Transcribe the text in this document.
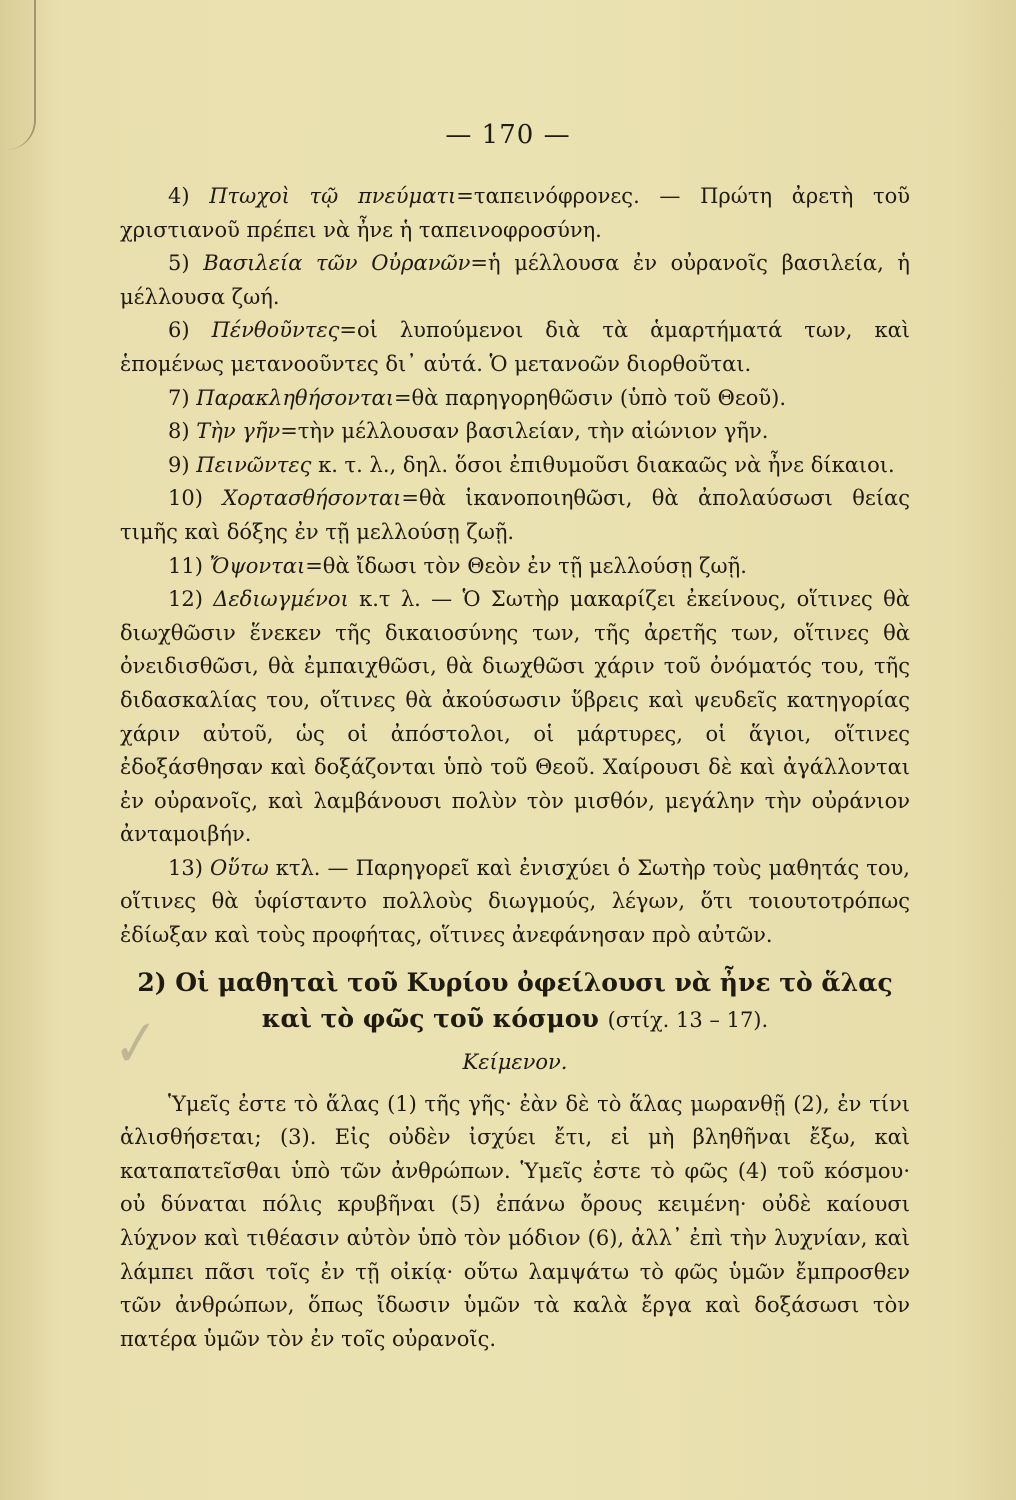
— 170 —

4) Πτωχοὶ τῷ πνεύματι=ταπεινόφρονες. — Πρώτη ἀρετὴ τοῦ χριστιανοῦ πρέπει νὰ ἦνε ἡ ταπεινοφροσύνη.

5) Βασιλεία τῶν Οὐρανῶν=ἡ μέλλουσα ἐν οὐρανοῖς βασιλεία, ἡ μέλλουσα ζωή.

6) Πένθοῦντες=οἱ λυπούμενοι διὰ τὰ ἁμαρτήματά των, καὶ ἑπομένως μετανοοῦντες δι᾽ αὐτά. Ὁ μετανοῶν διορθοῦται.

7) Παρακληθήσονται=θὰ παρηγορηθῶσιν (ὑπὸ τοῦ Θεοῦ).

8) Τὴν γῆν=τὴν μέλλουσαν βασιλείαν, τὴν αἰώνιον γῆν.

9) Πεινῶντες κ. τ. λ., δηλ. ὅσοι ἐπιθυμοῦσι διακαῶς νὰ ἦνε δίκαιοι.

10) Χορτασθήσονται=θὰ ἱκανοποιηθῶσι, θὰ ἀπολαύσωσι θείας τιμῆς καὶ δόξης ἐν τῇ μελλούσῃ ζωῇ.

11) Ὄψονται=θὰ ἴδωσι τὸν Θεὸν ἐν τῇ μελλούσῃ ζωῇ.

12) Δεδιωγμένοι κ.τ λ. — Ὁ Σωτὴρ μακαρίζει ἐκείνους, οἵτινες θὰ διωχθῶσιν ἕνεκεν τῆς δικαιοσύνης των, τῆς ἀρετῆς των, οἵτινες θὰ ὀνειδισθῶσι, θὰ ἐμπαιχθῶσι, θὰ διωχθῶσι χάριν τοῦ ὀνόματός του, τῆς διδασκαλίας του, οἵτινες θὰ ἀκούσωσιν ὕβρεις καὶ ψευδεῖς κατηγορίας χάριν αὐτοῦ, ὡς οἱ ἀπόστολοι, οἱ μάρτυρες, οἱ ἅγιοι, οἵτινες ἐδοξάσθησαν καὶ δοξάζονται ὑπὸ τοῦ Θεοῦ. Χαίρουσι δὲ καὶ ἀγάλλονται ἐν οὐρανοῖς, καὶ λαμβάνουσι πολὺν τὸν μισθόν, μεγάλην τὴν οὐράνιον ἀνταμοιβήν.

13) Οὕτω κτλ. — Παρηγορεῖ καὶ ἐνισχύει ὁ Σωτὴρ τοὺς μαθητάς του, οἵτινες θὰ ὑφίσταντο πολλοὺς διωγμούς, λέγων, ὅτι τοιουτοτρόπως ἐδίωξαν καὶ τοὺς προφήτας, οἵτινες ἀνεφάνησαν πρὸ αὐτῶν.

2) Οἱ μαθηταὶ τοῦ Κυρίου ὀφείλουσι νὰ ἦνε τὸ ἅλας καὶ τὸ φῶς τοῦ κόσμου (στίχ. 13 – 17).
Κείμενον.

Ὑμεῖς ἐστε τὸ ἅλας (1) τῆς γῆς· ἐὰν δὲ τὸ ἅλας μωρανθῇ (2), ἐν τίνι ἁλισθήσεται; (3). Εἰς οὐδὲν ἰσχύει ἔτι, εἰ μὴ βληθῆναι ἔξω, καὶ καταπατεῖσθαι ὑπὸ τῶν ἀνθρώπων. Ὑμεῖς ἐστε τὸ φῶς (4) τοῦ κόσμου· οὐ δύναται πόλις κρυβῆναι (5) ἐπάνω ὄρους κειμένη· οὐδὲ καίουσι λύχνον καὶ τιθέασιν αὐτὸν ὑπὸ τὸν μόδιον (6), ἀλλ᾽ ἐπὶ τὴν λυχνίαν, καὶ λάμπει πᾶσι τοῖς ἐν τῇ οἰκίᾳ· οὕτω λαμψάτω τὸ φῶς ὑμῶν ἔμπροσθεν τῶν ἀνθρώπων, ὅπως ἴδωσιν ὑμῶν τὰ καλὰ ἔργα καὶ δοξάσωσι τὸν πατέρα ὑμῶν τὸν ἐν τοῖς οὐρανοῖς.

✓
